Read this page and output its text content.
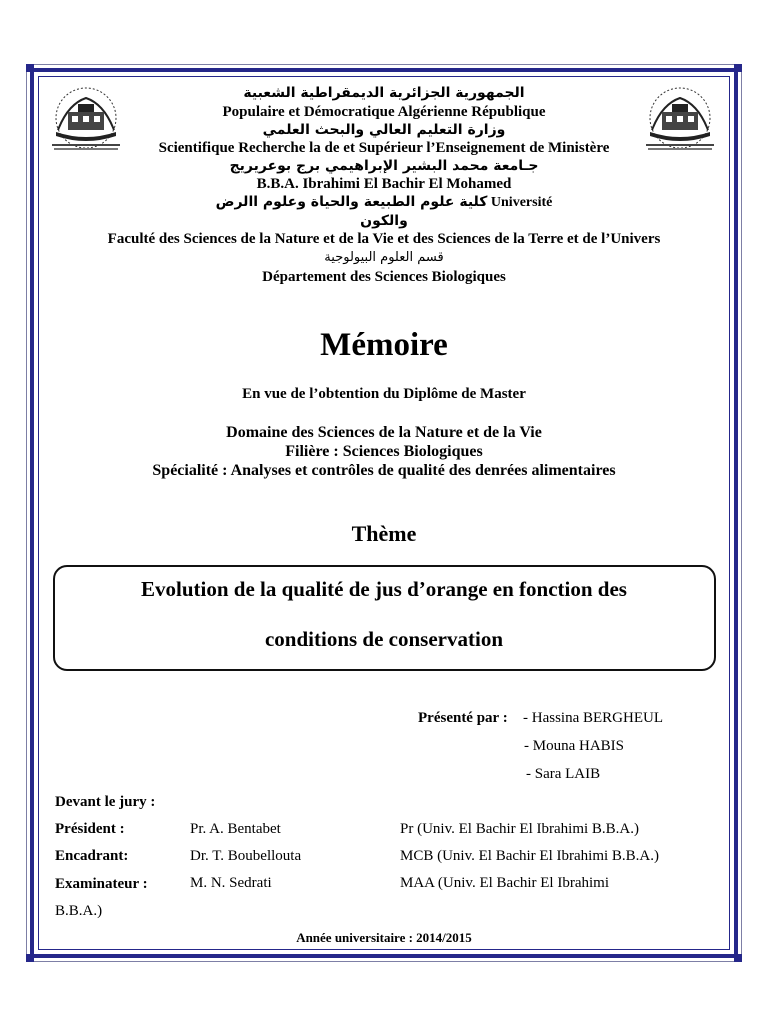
الجمهورية الجزائرية الديمقراطية الشعبية
Populaire et Démocratique Algérienne République
وزارة التعليم العالي والبحث العلمي
Scientifique Recherche la de et Supérieur l’Enseignement de Ministère
جـامعة محمد البشير الإبراهيمي برج بوعريريج
B.B.A. Ibrahimi El Bachir El Mohamed
كلية علوم الطبيعة والحياة وعلوم االرض Université
والكون
Faculté des Sciences de la Nature et de la Vie et des Sciences de la Terre et de l’Univers
قسم العلوم البيولوجية
Département des Sciences Biologiques
Mémoire
En vue de l’obtention du Diplôme de Master
Domaine des Sciences de la Nature et de la Vie
Filière : Sciences Biologiques
Spécialité : Analyses et contrôles de qualité des denrées alimentaires
Thème
Evolution de la qualité de jus d’orange en fonction des
conditions de conservation
Présenté par : - Hassina BERGHEUL
- Mouna HABIS
- Sara LAIB
Devant le jury :
Président :	Pr. A. Bentabet	Pr (Univ. El Bachir El Ibrahimi B.B.A.)
Encadrant:	Dr. T. Boubellouta	MCB (Univ. El Bachir El Ibrahimi B.B.A.)
Examinateur :	M. N. Sedrati	MAA (Univ. El Bachir El Ibrahimi
B.B.A.)
Année universitaire : 2014/2015
